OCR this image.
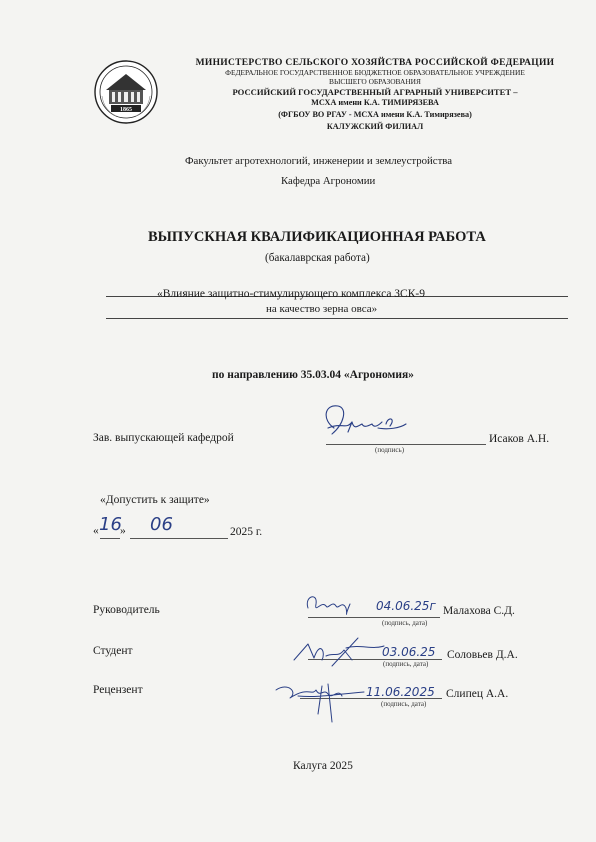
1865
МИНИСТЕРСТВО СЕЛЬСКОГО ХОЗЯЙСТВА РОССИЙСКОЙ ФЕДЕРАЦИИ
ФЕДЕРАЛЬНОЕ ГОСУДАРСТВЕННОЕ БЮДЖЕТНОЕ ОБРАЗОВАТЕЛЬНОЕ УЧРЕЖДЕНИЕ
ВЫСШЕГО ОБРАЗОВАНИЯ
РОССИЙСКИЙ ГОСУДАРСТВЕННЫЙ АГРАРНЫЙ УНИВЕРСИТЕТ –
МСХА имени К.А. ТИМИРЯЗЕВА
(ФГБОУ ВО РГАУ - МСХА имени К.А. Тимирязева)
КАЛУЖСКИЙ ФИЛИАЛ
Факультет агротехнологий, инженерии и землеустройства
Кафедра Агрономии
ВЫПУСКНАЯ КВАЛИФИКАЦИОННАЯ РАБОТА
(бакалаврская работа)
«Влияние защитно-стимулирующего комплекса ЗСК-9
на качество зерна овса»
по направлению 35.03.04 «Агрономия»
Зав. выпускающей кафедрой
(подпись)
Исаков А.Н.
«Допустить к защите»
« 16
» 06	2025 г.
Руководитель
(подпись, дата)
Малахова С.Д.
04.06.25г
Студент
(подпись, дата)
Соловьев Д.А.
03.06.25
Рецензент
(подпись, дата)
Слипец А.А.
11.06.2025
Калуга 2025
